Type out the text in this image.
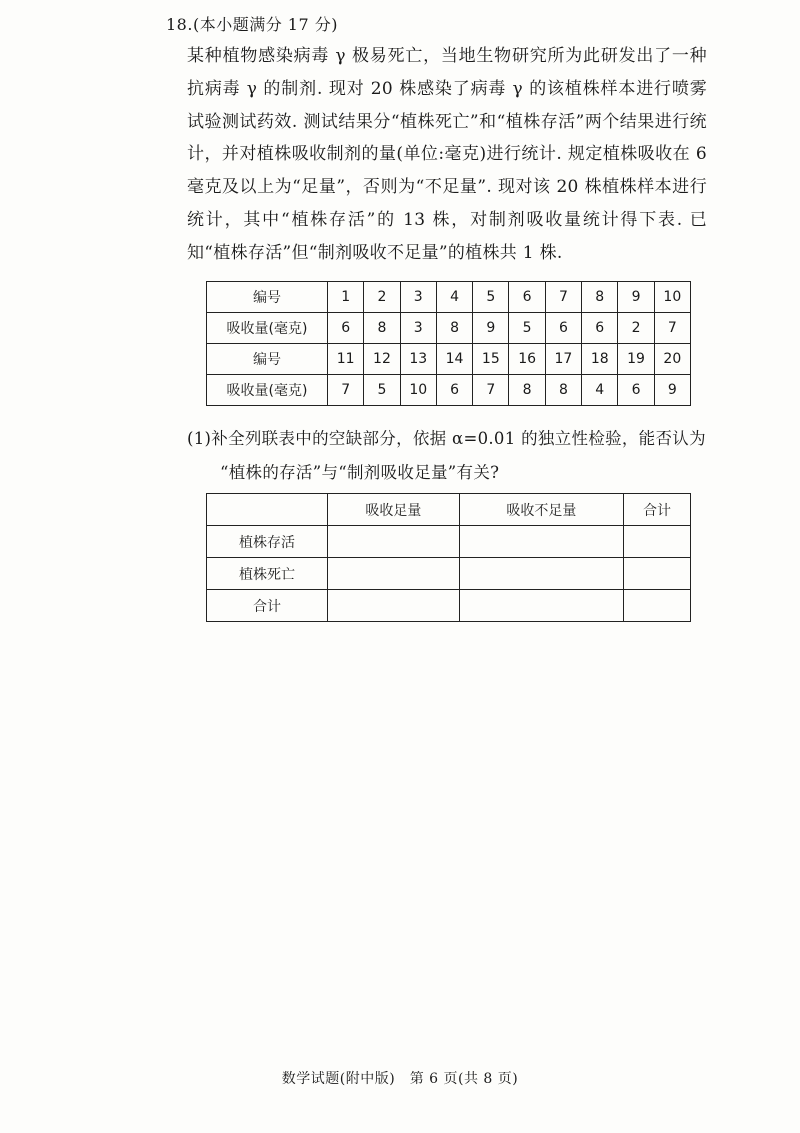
18.(本小题满分 17 分)

某种植物感染病毒 γ 极易死亡，当地生物研究所为此研发出了一种抗病毒 γ 的制剂. 现对 20 株感染了病毒 γ 的该植株样本进行喷雾试验测试药效. 测试结果分“植株死亡”和“植株存活”两个结果进行统计，并对植株吸收制剂的量(单位:毫克)进行统计. 规定植株吸收在 6 毫克及以上为“足量”，否则为“不足量”. 现对该 20 株植株样本进行统计，其中“植株存活”的 13 株，对制剂吸收量统计得下表. 已知“植株存活”但“制剂吸收不足量”的植株共 1 株.

编号	1	2	3	4	5	6	7	8	9	10
吸收量(毫克)	6	8	3	8	9	5	6	6	2	7
编号	11	12	13	14	15	16	17	18	19	20
吸收量(毫克)	7	5	10	6	7	8	8	4	6	9

(1)补全列联表中的空缺部分，依据 α=0.01 的独立性检验，能否认为

“植株的存活”与“制剂吸收足量”有关?

	吸收足量	吸收不足量	合计
植株存活			
植株死亡			
合计			
数学试题(附中版)　第 6 页(共 8 页)
